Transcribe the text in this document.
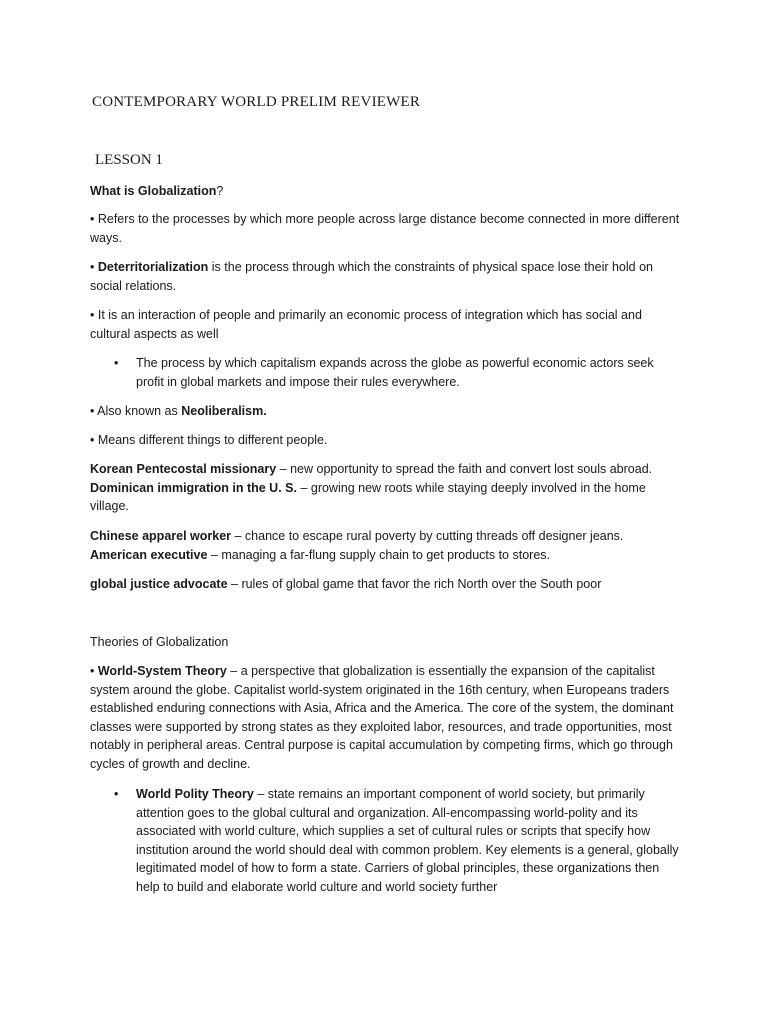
CONTEMPORARY WORLD PRELIM REVIEWER
LESSON 1

What is Globalization?

• Refers to the processes by which more people across large distance become connected in more different ways.

• Deterritorialization is the process through which the constraints of physical space lose their hold on social relations.

• It is an interaction of people and primarily an economic process of integration which has social and cultural aspects as well

• The process by which capitalism expands across the globe as powerful economic actors seek profit in global markets and impose their rules everywhere.

• Also known as Neoliberalism.

• Means different things to different people.

Korean Pentecostal missionary – new opportunity to spread the faith and convert lost souls abroad.
Dominican immigration in the U. S. – growing new roots while staying deeply involved in the home village.

Chinese apparel worker – chance to escape rural poverty by cutting threads off designer jeans.
American executive – managing a far-flung supply chain to get products to stores.

global justice advocate – rules of global game that favor the rich North over the South poor

Theories of Globalization

• World-System Theory – a perspective that globalization is essentially the expansion of the capitalist system around the globe. Capitalist world-system originated in the 16th century, when Europeans traders established enduring connections with Asia, Africa and the America. The core of the system, the dominant classes were supported by strong states as they exploited labor, resources, and trade opportunities, most notably in peripheral areas. Central purpose is capital accumulation by competing firms, which go through cycles of growth and decline.

• World Polity Theory – state remains an important component of world society, but primarily attention goes to the global cultural and organization. All-encompassing world-polity and its associated with world culture, which supplies a set of cultural rules or scripts that specify how institution around the world should deal with common problem. Key elements is a general, globally legitimated model of how to form a state. Carriers of global principles, these organizations then help to build and elaborate world culture and world society further
